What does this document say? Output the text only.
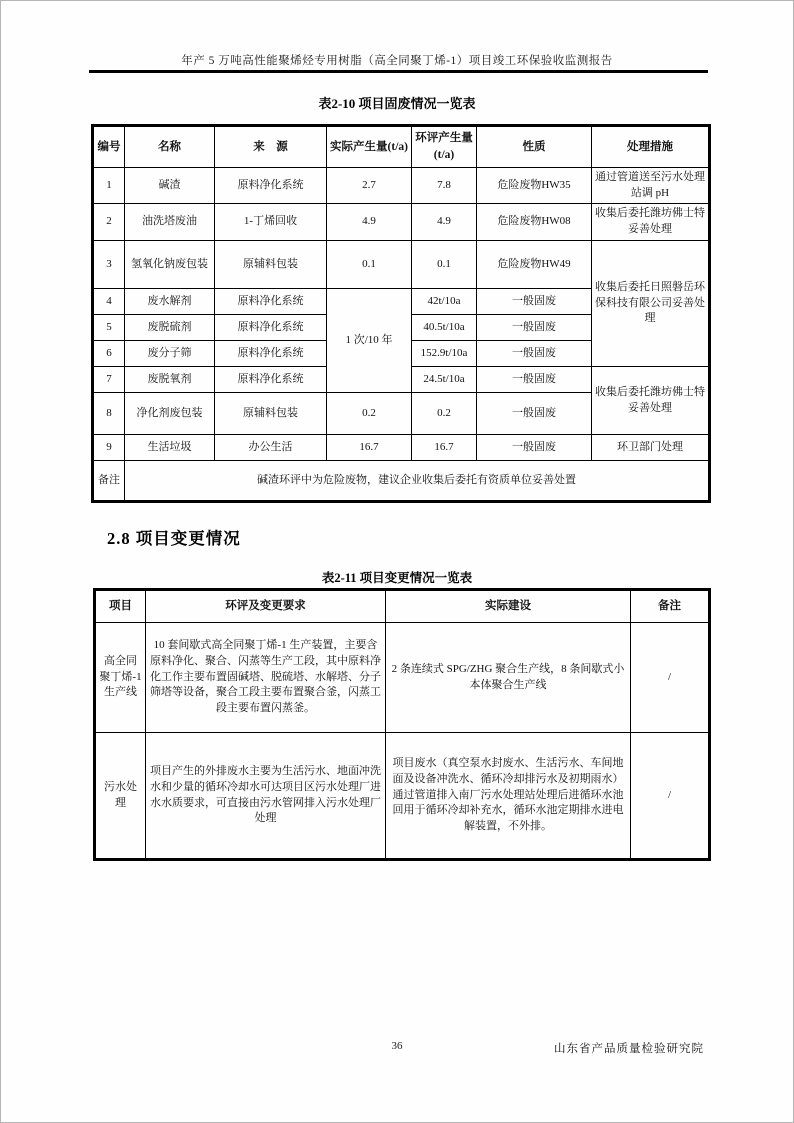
年产 5 万吨高性能聚烯烃专用树脂（高全同聚丁烯-1）项目竣工环保验收监测报告
表2-10 项目固废情况一览表
编号	名称	来　源	实际产生量(t/a)	环评产生量(t/a)	性质	处理措施
1	碱渣	原料净化系统	2.7	7.8	危险废物HW35	通过管道送至污水处理站调 pH
2	油洗塔废油	1-丁烯回收	4.9	4.9	危险废物HW08	收集后委托潍坊佛士特妥善处理
3	氢氧化钠废包装	原辅料包装	0.1	0.1	危险废物HW49	收集后委托日照磐岳环保科技有限公司妥善处理
4	废水解剂	原料净化系统	1 次/10 年	42t/10a	一般固废	
5	废脱硫剂	原料净化系统		40.5t/10a	一般固废	
6	废分子筛	原料净化系统		152.9t/10a	一般固废	
7	废脱氧剂	原料净化系统		24.5t/10a	一般固废	收集后委托潍坊佛士特妥善处理
8	净化剂废包装	原辅料包装	0.2	0.2	一般固废	
9	生活垃圾	办公生活	16.7	16.7	一般固废	环卫部门处理
备注	碱渣环评中为危险废物，建议企业收集后委托有资质单位妥善处置					
2.8 项目变更情况
表2-11 项目变更情况一览表
项目	环评及变更要求	实际建设	备注
高全同聚丁烯-1 生产线	10 套间歇式高全同聚丁烯-1 生产装置，主要含原料净化、聚合、闪蒸等生产工段，其中原料净化工作主要布置固碱塔、脱硫塔、水解塔、分子筛塔等设备，聚合工段主要布置聚合釜，闪蒸工段主要布置闪蒸釜。	2 条连续式 SPG/ZHG 聚合生产线，8 条间歇式小本体聚合生产线	/
污水处理	项目产生的外排废水主要为生活污水、地面冲洗水和少量的循环冷却水可达项目区污水处理厂进水水质要求，可直接由污水管网排入污水处理厂处理	项目废水（真空泵水封废水、生活污水、车间地面及设备冲洗水、循环冷却排污水及初期雨水）通过管道排入南厂污水处理站处理后进循环水池回用于循环冷却补充水，循环水池定期排水进电解装置，不外排。	/
36	山东省产品质量检验研究院
